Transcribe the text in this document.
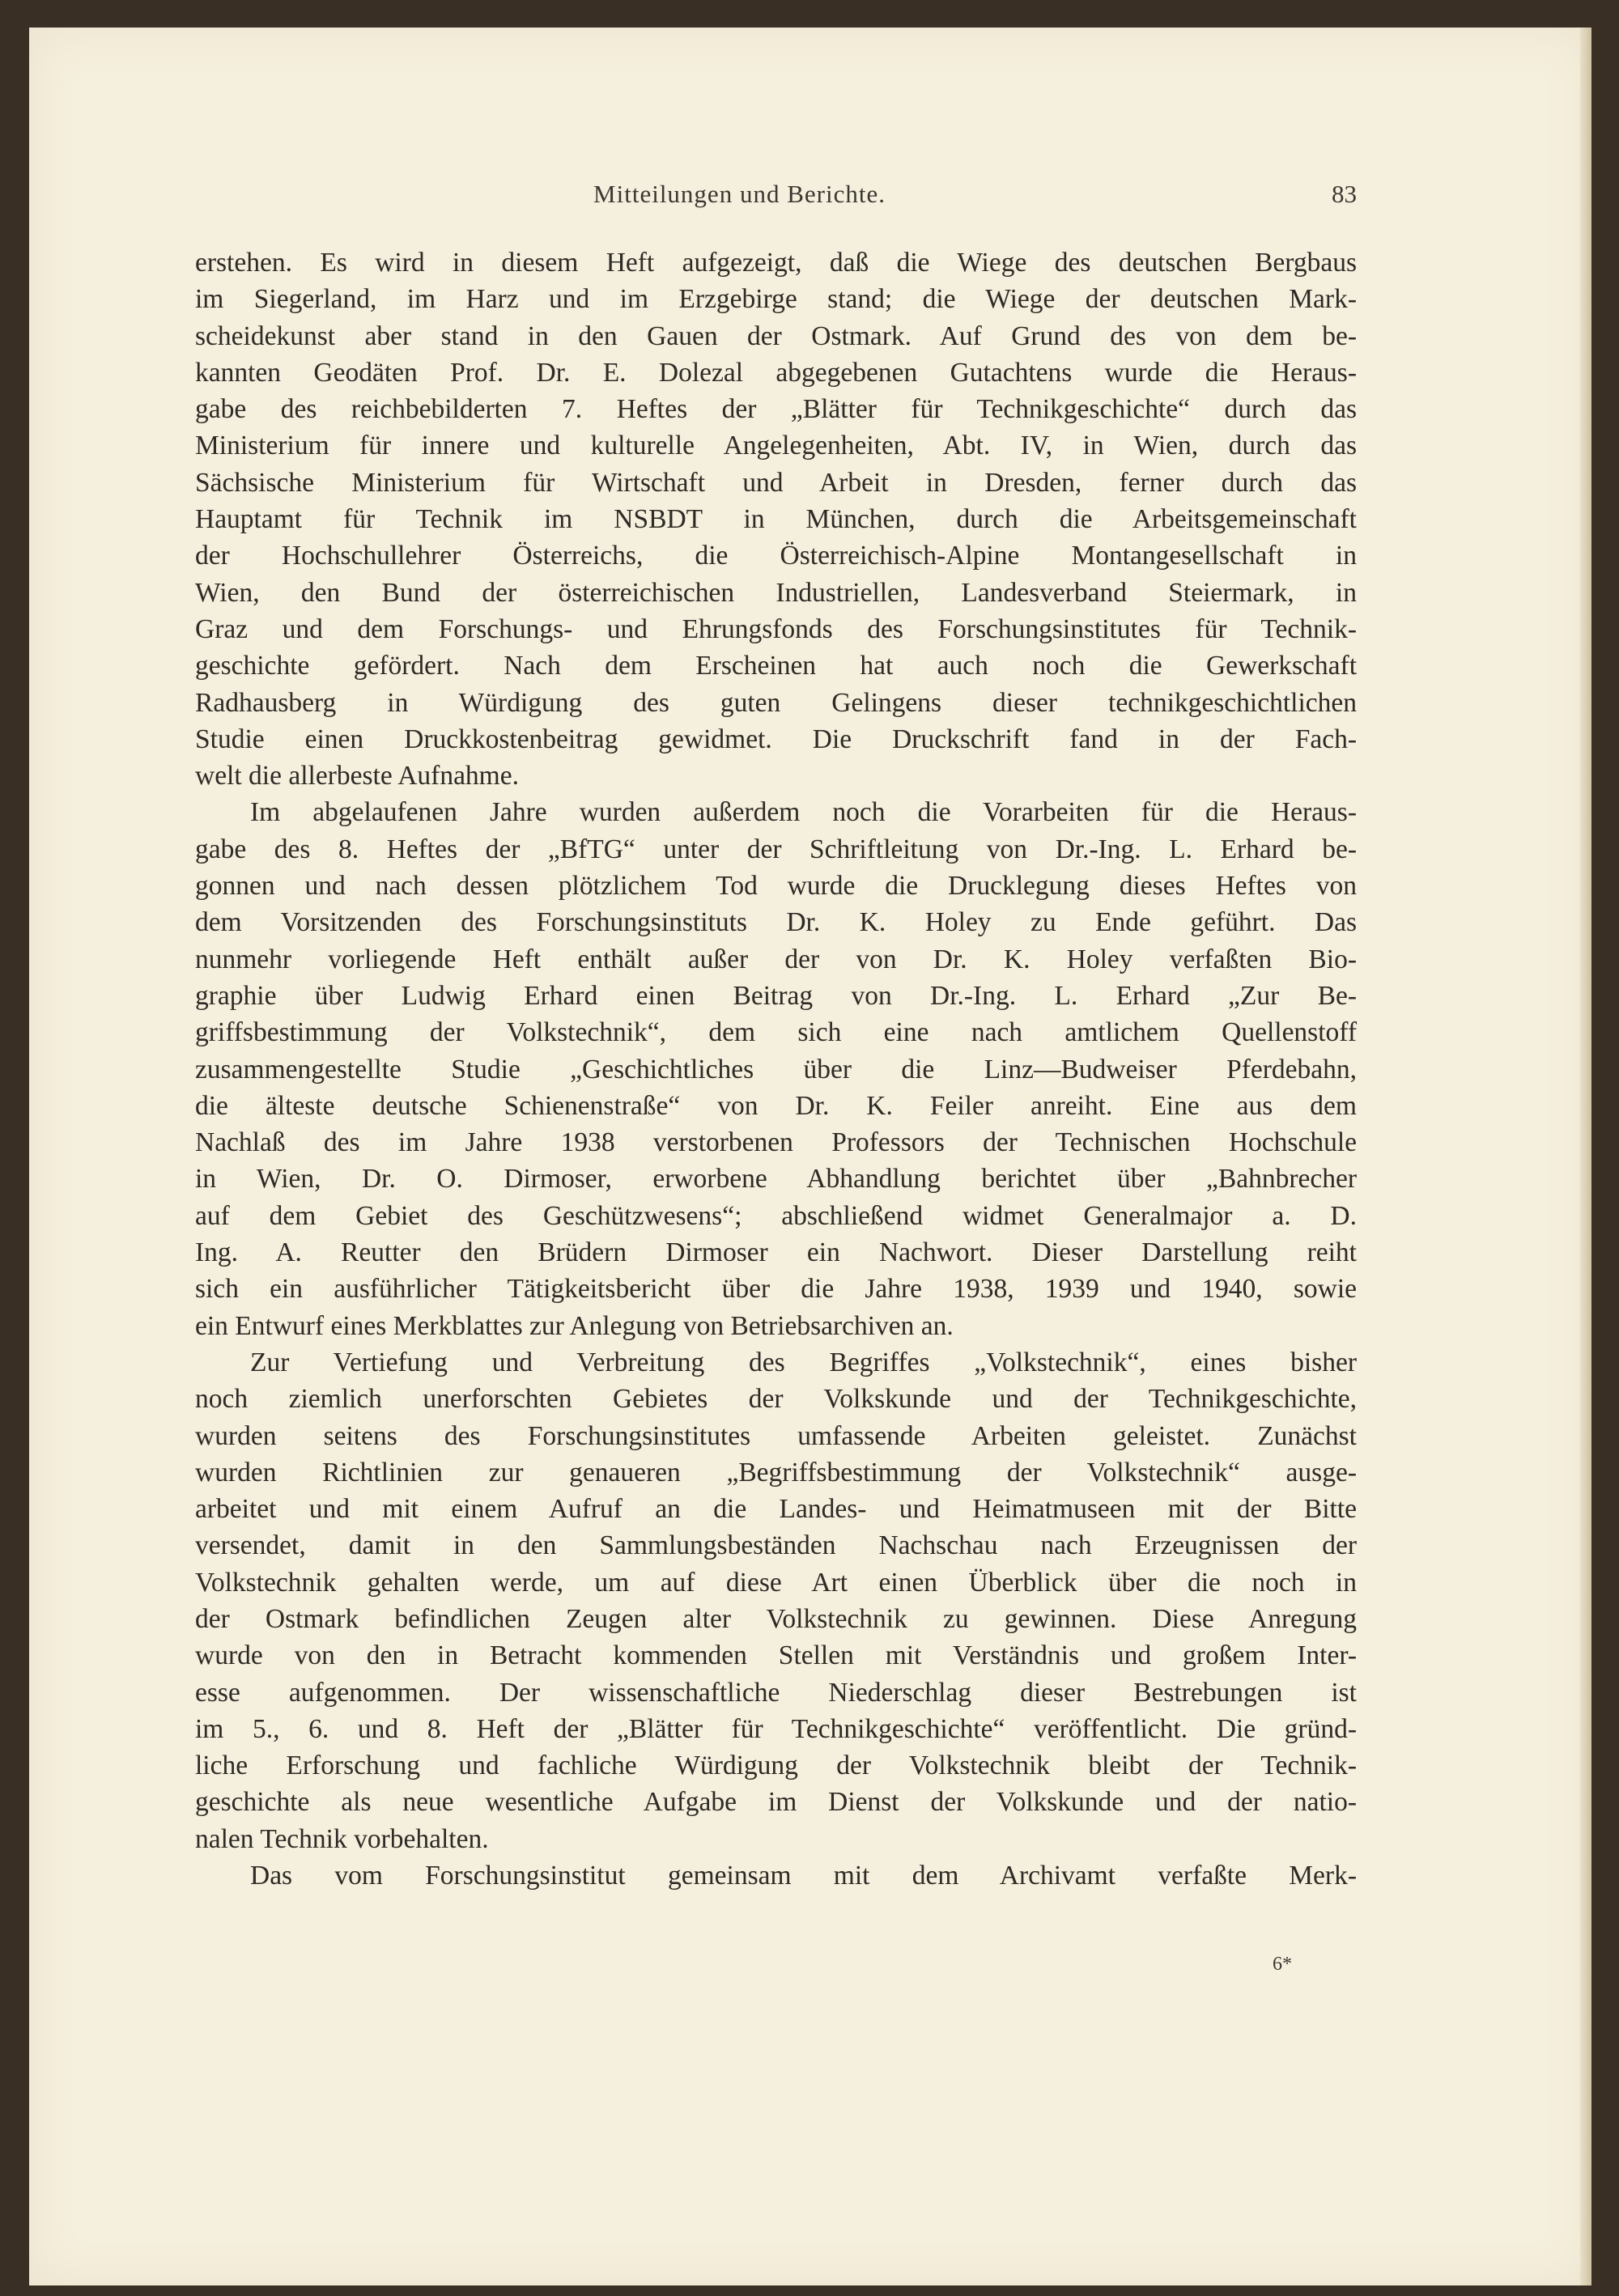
Mitteilungen und Berichte.	83
erstehen. Es wird in diesem Heft aufgezeigt, daß die Wiege des deutschen Bergbaus
im Siegerland, im Harz und im Erzgebirge stand; die Wiege der deutschen Mark-
scheidekunst aber stand in den Gauen der Ostmark. Auf Grund des von dem be-
kannten Geodäten Prof. Dr. E. Dolezal abgegebenen Gutachtens wurde die Heraus-
gabe des reichbebilderten 7. Heftes der „Blätter für Technikgeschichte“ durch das
Ministerium für innere und kulturelle Angelegenheiten, Abt. IV, in Wien, durch das
Sächsische Ministerium für Wirtschaft und Arbeit in Dresden, ferner durch das
Hauptamt für Technik im NSBDT in München, durch die Arbeitsgemeinschaft
der Hochschullehrer Österreichs, die Österreichisch-Alpine Montangesellschaft in
Wien, den Bund der österreichischen Industriellen, Landesverband Steiermark, in
Graz und dem Forschungs- und Ehrungsfonds des Forschungsinstitutes für Technik-
geschichte gefördert. Nach dem Erscheinen hat auch noch die Gewerkschaft
Radhausberg in Würdigung des guten Gelingens dieser technikgeschichtlichen
Studie einen Druckkostenbeitrag gewidmet. Die Druckschrift fand in der Fach-
welt die allerbeste Aufnahme.
Im abgelaufenen Jahre wurden außerdem noch die Vorarbeiten für die Heraus-
gabe des 8. Heftes der „BfTG“ unter der Schriftleitung von Dr.-Ing. L. Erhard be-
gonnen und nach dessen plötzlichem Tod wurde die Drucklegung dieses Heftes von
dem Vorsitzenden des Forschungsinstituts Dr. K. Holey zu Ende geführt. Das
nunmehr vorliegende Heft enthält außer der von Dr. K. Holey verfaßten Bio-
graphie über Ludwig Erhard einen Beitrag von Dr.-Ing. L. Erhard „Zur Be-
griffsbestimmung der Volkstechnik“, dem sich eine nach amtlichem Quellenstoff
zusammengestellte Studie „Geschichtliches über die Linz—Budweiser Pferdebahn,
die älteste deutsche Schienenstraße“ von Dr. K. Feiler anreiht. Eine aus dem
Nachlaß des im Jahre 1938 verstorbenen Professors der Technischen Hochschule
in Wien, Dr. O. Dirmoser, erworbene Abhandlung berichtet über „Bahnbrecher
auf dem Gebiet des Geschützwesens“; abschließend widmet Generalmajor a. D.
Ing. A. Reutter den Brüdern Dirmoser ein Nachwort. Dieser Darstellung reiht
sich ein ausführlicher Tätigkeitsbericht über die Jahre 1938, 1939 und 1940, sowie
ein Entwurf eines Merkblattes zur Anlegung von Betriebsarchiven an.
Zur Vertiefung und Verbreitung des Begriffes „Volkstechnik“, eines bisher
noch ziemlich unerforschten Gebietes der Volkskunde und der Technikgeschichte,
wurden seitens des Forschungsinstitutes umfassende Arbeiten geleistet. Zunächst
wurden Richtlinien zur genaueren „Begriffsbestimmung der Volkstechnik“ ausge-
arbeitet und mit einem Aufruf an die Landes- und Heimatmuseen mit der Bitte
versendet, damit in den Sammlungsbeständen Nachschau nach Erzeugnissen der
Volkstechnik gehalten werde, um auf diese Art einen Überblick über die noch in
der Ostmark befindlichen Zeugen alter Volkstechnik zu gewinnen. Diese Anregung
wurde von den in Betracht kommenden Stellen mit Verständnis und großem Inter-
esse aufgenommen. Der wissenschaftliche Niederschlag dieser Bestrebungen ist
im 5., 6. und 8. Heft der „Blätter für Technikgeschichte“ veröffentlicht. Die gründ-
liche Erforschung und fachliche Würdigung der Volkstechnik bleibt der Technik-
geschichte als neue wesentliche Aufgabe im Dienst der Volkskunde und der natio-
nalen Technik vorbehalten.
Das vom Forschungsinstitut gemeinsam mit dem Archivamt verfaßte Merk-
6*
